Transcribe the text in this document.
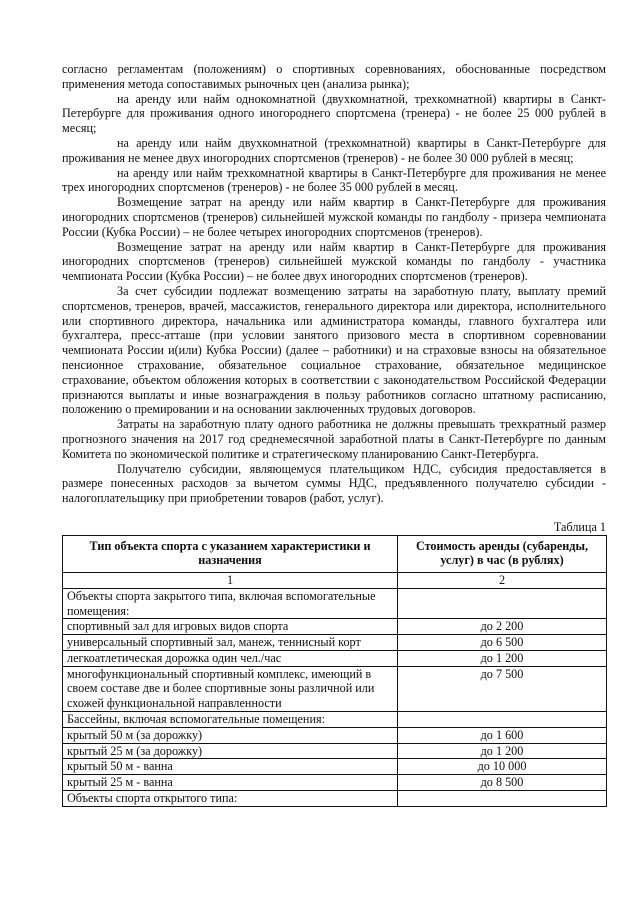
согласно регламентам (положениям) о спортивных соревнованиях, обоснованные посредством применения метода сопоставимых рыночных цен (анализа рынка);

на аренду или найм однокомнатной (двухкомнатной, трехкомнатной) квартиры в Санкт-Петербурге для проживания одного иногороднего спортсмена (тренера) - не более 25 000 рублей в месяц;

на аренду или найм двухкомнатной (трехкомнатной) квартиры в Санкт-Петербурге для проживания не менее двух иногородних спортсменов (тренеров) - не более 30 000 рублей в месяц;

на аренду или найм трехкомнатной квартиры в Санкт-Петербурге для проживания не менее трех иногородних спортсменов (тренеров) - не более 35 000 рублей в месяц.

Возмещение затрат на аренду или найм квартир в Санкт-Петербурге для проживания иногородних спортсменов (тренеров) сильнейшей мужской команды по гандболу - призера чемпионата России (Кубка России) – не более четырех иногородних спортсменов (тренеров).

Возмещение затрат на аренду или найм квартир в Санкт-Петербурге для проживания иногородних спортсменов (тренеров) сильнейшей мужской команды по гандболу - участника чемпионата России (Кубка России) – не более двух иногородних спортсменов (тренеров).

За счет субсидии подлежат возмещению затраты на заработную плату, выплату премий спортсменов, тренеров, врачей, массажистов, генерального директора или директора, исполнительного или спортивного директора, начальника или администратора команды, главного бухгалтера или бухгалтера, пресс-атташе (при условии занятого призового места в спортивном соревновании чемпионата России и(или) Кубка России) (далее – работники) и на страховые взносы на обязательное пенсионное страхование, обязательное социальное страхование, обязательное медицинское страхование, объектом обложения которых в соответствии с законодательством Российской Федерации признаются выплаты и иные вознаграждения в пользу работников согласно штатному расписанию, положению о премировании и на основании заключенных трудовых договоров.

Затраты на заработную плату одного работника не должны превышать трехкратный размер прогнозного значения на 2017 год среднемесячной заработной платы в Санкт-Петербурге по данным Комитета по экономической политике и стратегическому планированию Санкт-Петербурга.

Получателю субсидии, являющемуся плательщиком НДС, субсидия предоставляется в размере понесенных расходов за вычетом суммы НДС, предъявленного получателю субсидии - налогоплательщику при приобретении товаров (работ, услуг).

Таблица 1
Тип объекта спорта с указанием характеристики и назначения	Стоимость аренды (субаренды, услуг) в час (в рублях)
1	2
Объекты спорта закрытого типа, включая вспомогательные помещения:	
спортивный зал для игровых видов спорта	до 2 200
универсальный спортивный зал, манеж, теннисный корт	до 6 500
легкоатлетическая дорожка один чел./час	до 1 200
многофункциональный спортивный комплекс, имеющий в своем составе две и более спортивные зоны различной или схожей функциональной направленности	до 7 500
Бассейны, включая вспомогательные помещения:	
крытый 50 м (за дорожку)	до 1 600
крытый 25 м (за дорожку)	до 1 200
крытый 50 м - ванна	до 10 000
крытый 25 м - ванна	до 8 500
Объекты спорта открытого типа:	
